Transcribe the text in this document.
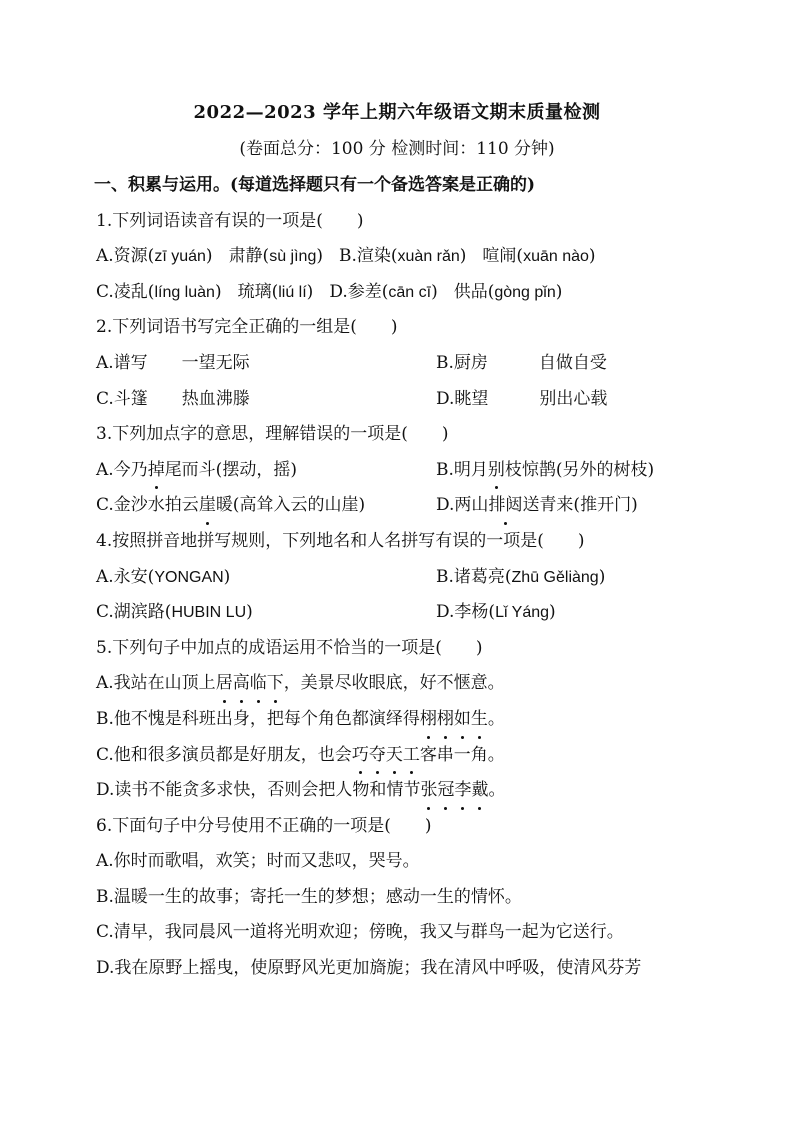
2022—2023 学年上期六年级语文期末质量检测
(卷面总分：100 分 检测时间：110 分钟)
一、积累与运用。(每道选择题只有一个备选答案是正确的)
1.下列词语读音有误的一项是(　　)
A.资源(zī yuán) 肃静(sù jìng) B.渲染(xuàn rǎn) 喧闹(xuān nào)
C.凌乱(líng luàn) 琉璃(liú lí) D.参差(cān cī) 供品(gòng pǐn)
2.下列词语书写完全正确的一组是(　　)
A.谱写　　一望无际	B.厨房　　　自做自受
C.斗篷　　热血沸滕	D.眺望　　　别出心载
3.下列加点字的意思，理解错误的一项是(　　)
A.今乃掉尾而斗(摆动，摇)	B.明月别枝惊鹊(另外的树枝)
C.金沙水拍云崖暖(高耸入云的山崖)	D.两山排闼送青来(推开门)
4.按照拼音地拼写规则，下列地名和人名拼写有误的一项是(　　)
A.永安(YONGAN)	B.诸葛亮(Zhū Gěliàng)
C.湖滨路(HUBIN LU)	D.李杨(Lǐ Yáng)
5.下列句子中加点的成语运用不恰当的一项是(　　)
A.我站在山顶上居高临下，美景尽收眼底，好不惬意。
B.他不愧是科班出身，把每个角色都演绎得栩栩如生。
C.他和很多演员都是好朋友，也会巧夺天工客串一角。
D.读书不能贪多求快，否则会把人物和情节张冠李戴。
6.下面句子中分号使用不正确的一项是(　　)
A.你时而歌唱，欢笑；时而又悲叹，哭号。
B.温暖一生的故事；寄托一生的梦想；感动一生的情怀。
C.清早，我同晨风一道将光明欢迎；傍晚，我又与群鸟一起为它送行。
D.我在原野上摇曳，使原野风光更加旖旎；我在清风中呼吸，使清风芬芳
